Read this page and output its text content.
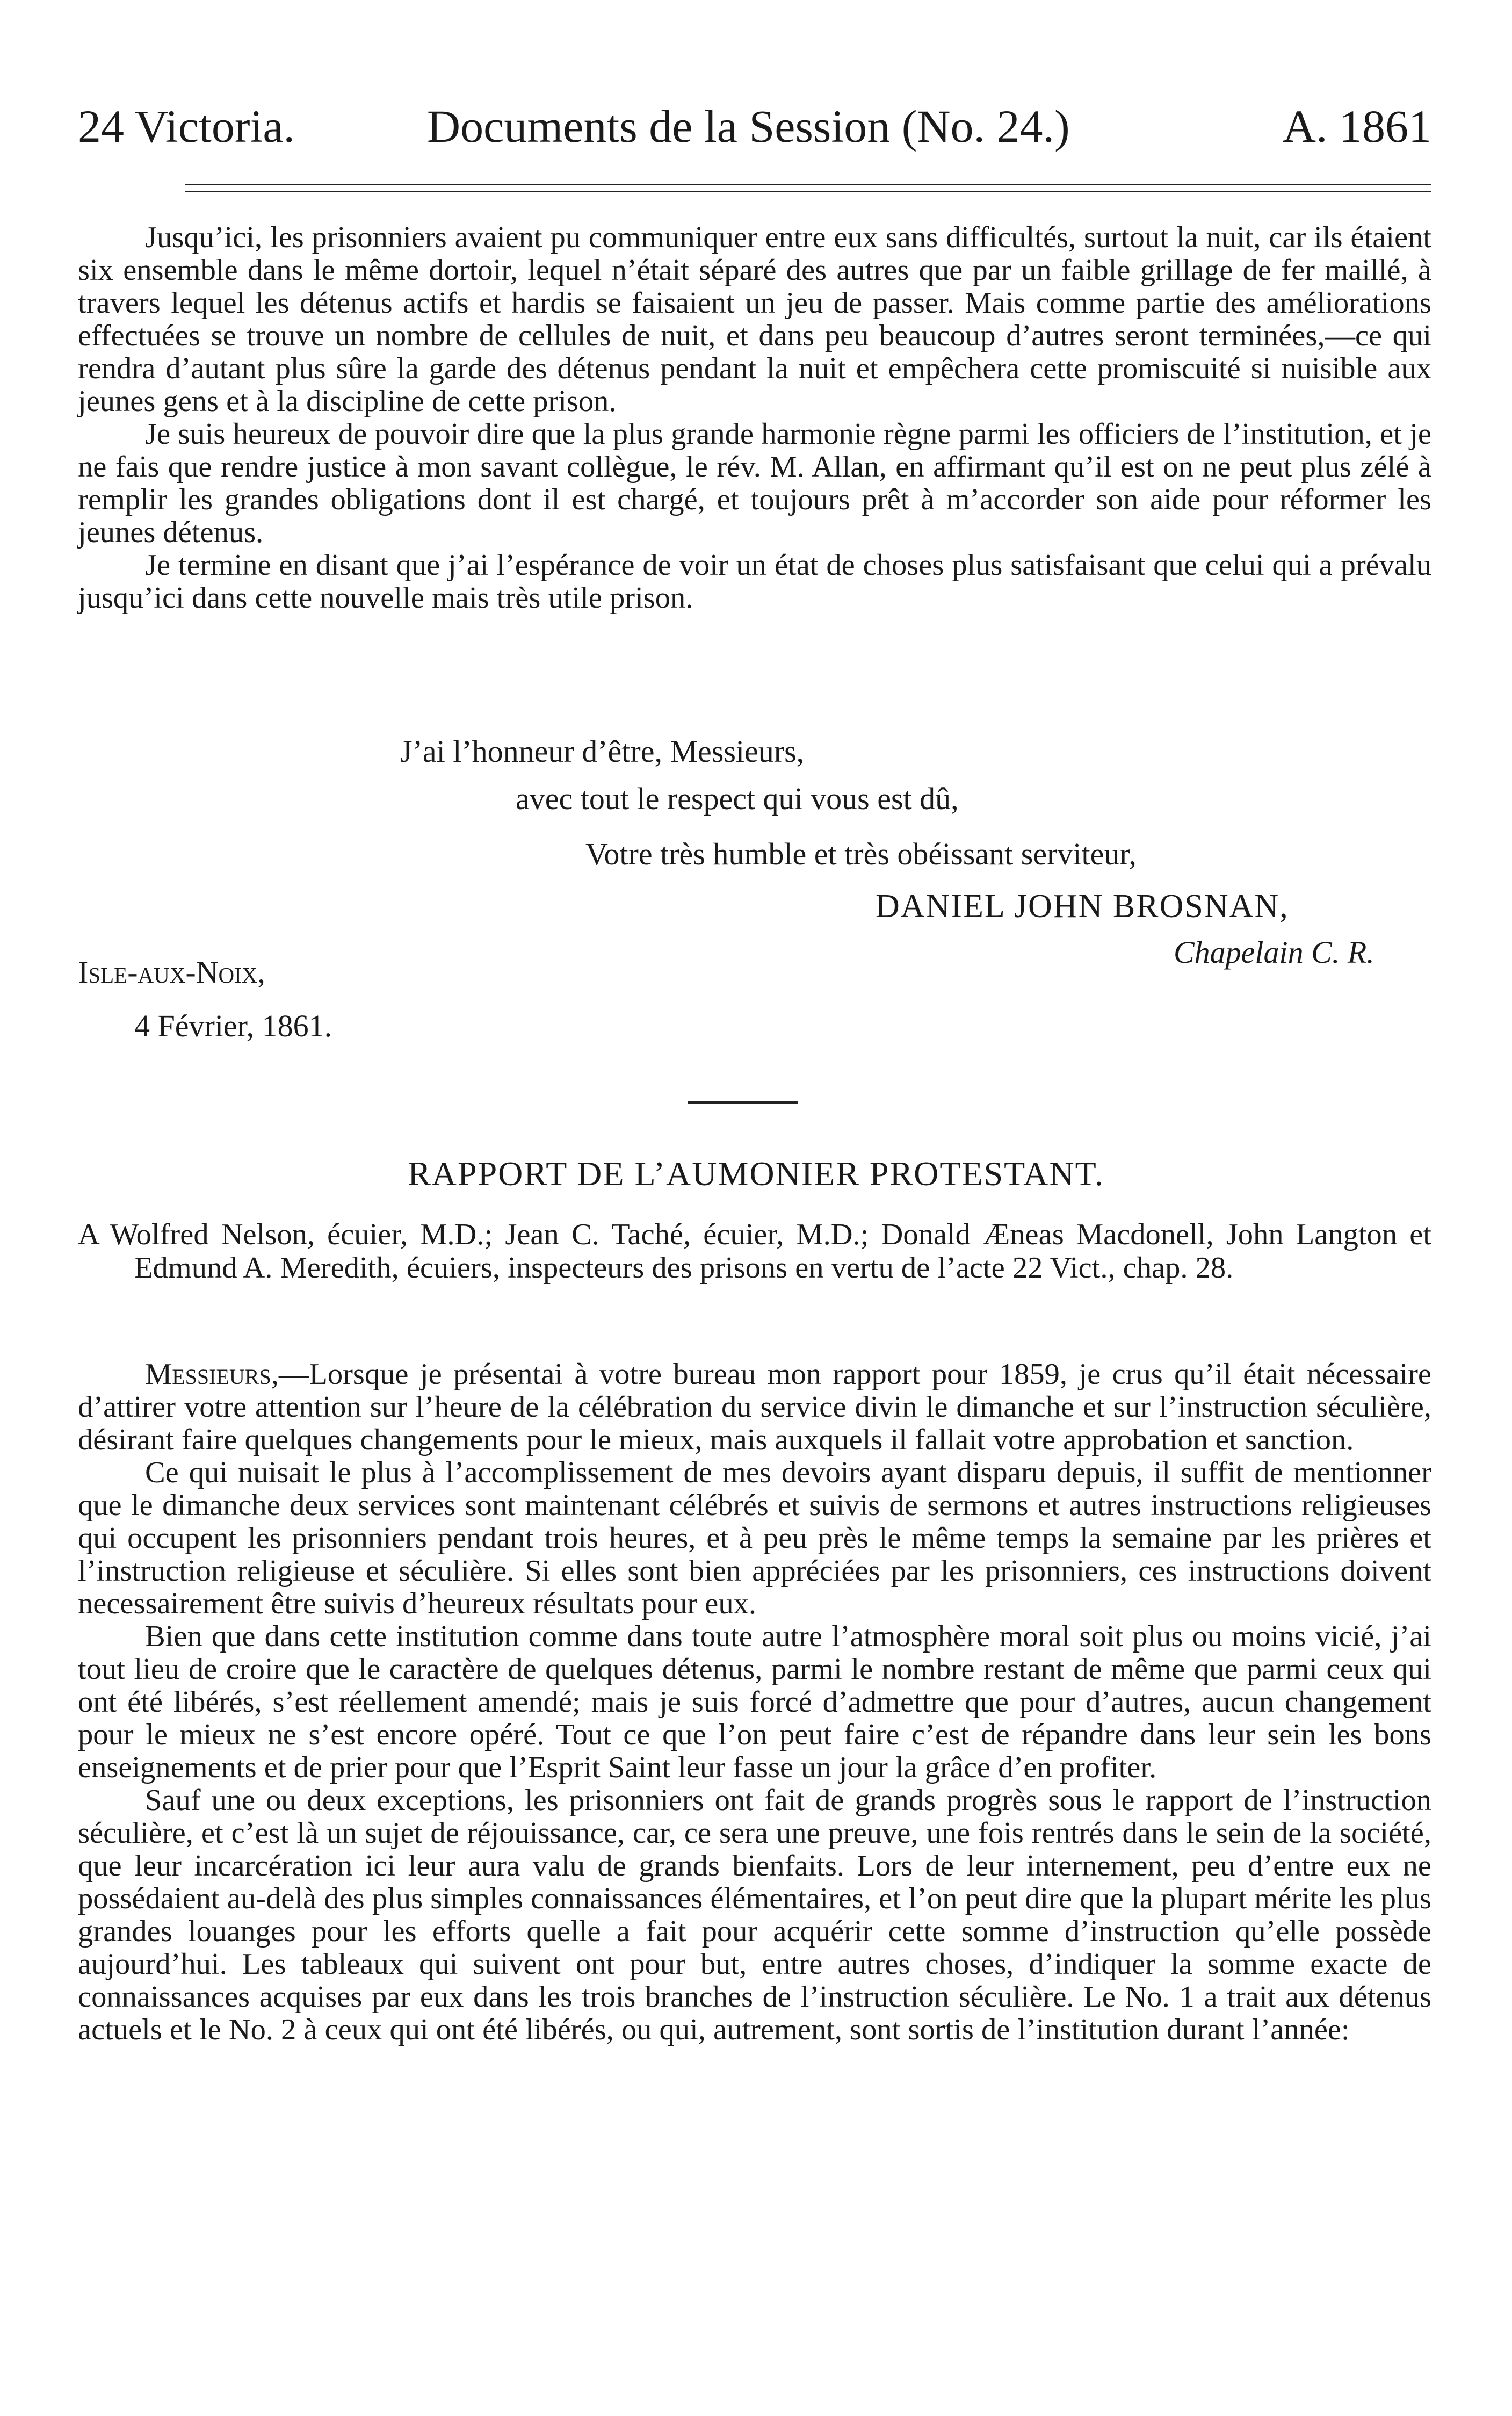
24 Victoria.	Documents de la Session (No. 24.)	A. 1861

Jusqu’ici, les prisonniers avaient pu communiquer entre eux sans difficultés, surtout la nuit, car ils étaient six ensemble dans le même dortoir, lequel n’était séparé des autres que par un faible grillage de fer maillé, à travers lequel les détenus actifs et hardis se faisaient un jeu de passer. Mais comme partie des améliorations effectuées se trouve un nombre de cellules de nuit, et dans peu beaucoup d’autres seront terminées,—ce qui rendra d’autant plus sûre la garde des détenus pendant la nuit et empêchera cette promiscuité si nuisible aux jeunes gens et à la discipline de cette prison.

Je suis heureux de pouvoir dire que la plus grande harmonie règne parmi les officiers de l’institution, et je ne fais que rendre justice à mon savant collègue, le rév. M. Allan, en affirmant qu’il est on ne peut plus zélé à remplir les grandes obligations dont il est chargé, et toujours prêt à m’accorder son aide pour réformer les jeunes détenus.

Je termine en disant que j’ai l’espérance de voir un état de choses plus satisfaisant que celui qui a prévalu jusqu’ici dans cette nouvelle mais très utile prison.

J’ai l’honneur d’être, Messieurs,
avec tout le respect qui vous est dû,
Votre très humble et très obéissant serviteur,
DANIEL JOHN BROSNAN,
Chapelain C. R.
Isle-aux-Noix,
4 Février, 1861.
RAPPORT DE L’AUMONIER PROTESTANT.
A Wolfred Nelson, écuier, M.D.; Jean C. Taché, écuier, M.D.; Donald Æneas Macdonell, John Langton et Edmund A. Meredith, écuiers, inspecteurs des prisons en vertu de l’acte 22 Vict., chap. 28.

Messieurs,—Lorsque je présentai à votre bureau mon rapport pour 1859, je crus qu’il était nécessaire d’attirer votre attention sur l’heure de la célébration du service divin le dimanche et sur l’instruction séculière, désirant faire quelques changements pour le mieux, mais auxquels il fallait votre approbation et sanction.

Ce qui nuisait le plus à l’accomplissement de mes devoirs ayant disparu depuis, il suffit de mentionner que le dimanche deux services sont maintenant célébrés et suivis de sermons et autres instructions religieuses qui occupent les prisonniers pendant trois heures, et à peu près le même temps la semaine par les prières et l’instruction religieuse et séculière. Si elles sont bien appréciées par les prisonniers, ces instructions doivent necessairement être suivis d’heureux résultats pour eux.

Bien que dans cette institution comme dans toute autre l’atmosphère moral soit plus ou moins vicié, j’ai tout lieu de croire que le caractère de quelques détenus, parmi le nombre restant de même que parmi ceux qui ont été libérés, s’est réellement amendé; mais je suis forcé d’admettre que pour d’autres, aucun changement pour le mieux ne s’est encore opéré. Tout ce que l’on peut faire c’est de répandre dans leur sein les bons enseignements et de prier pour que l’Esprit Saint leur fasse un jour la grâce d’en profiter.

Sauf une ou deux exceptions, les prisonniers ont fait de grands progrès sous le rapport de l’instruction séculière, et c’est là un sujet de réjouissance, car, ce sera une preuve, une fois rentrés dans le sein de la société, que leur incarcération ici leur aura valu de grands bienfaits. Lors de leur internement, peu d’entre eux ne possédaient au-delà des plus simples connaissances élémentaires, et l’on peut dire que la plupart mérite les plus grandes louanges pour les efforts quelle a fait pour acquérir cette somme d’instruction qu’elle possède aujourd’hui. Les tableaux qui suivent ont pour but, entre autres choses, d’indiquer la somme exacte de connaissances acquises par eux dans les trois branches de l’instruction séculière. Le No. 1 a trait aux détenus actuels et le No. 2 à ceux qui ont été libérés, ou qui, autrement, sont sortis de l’institution durant l’année:
